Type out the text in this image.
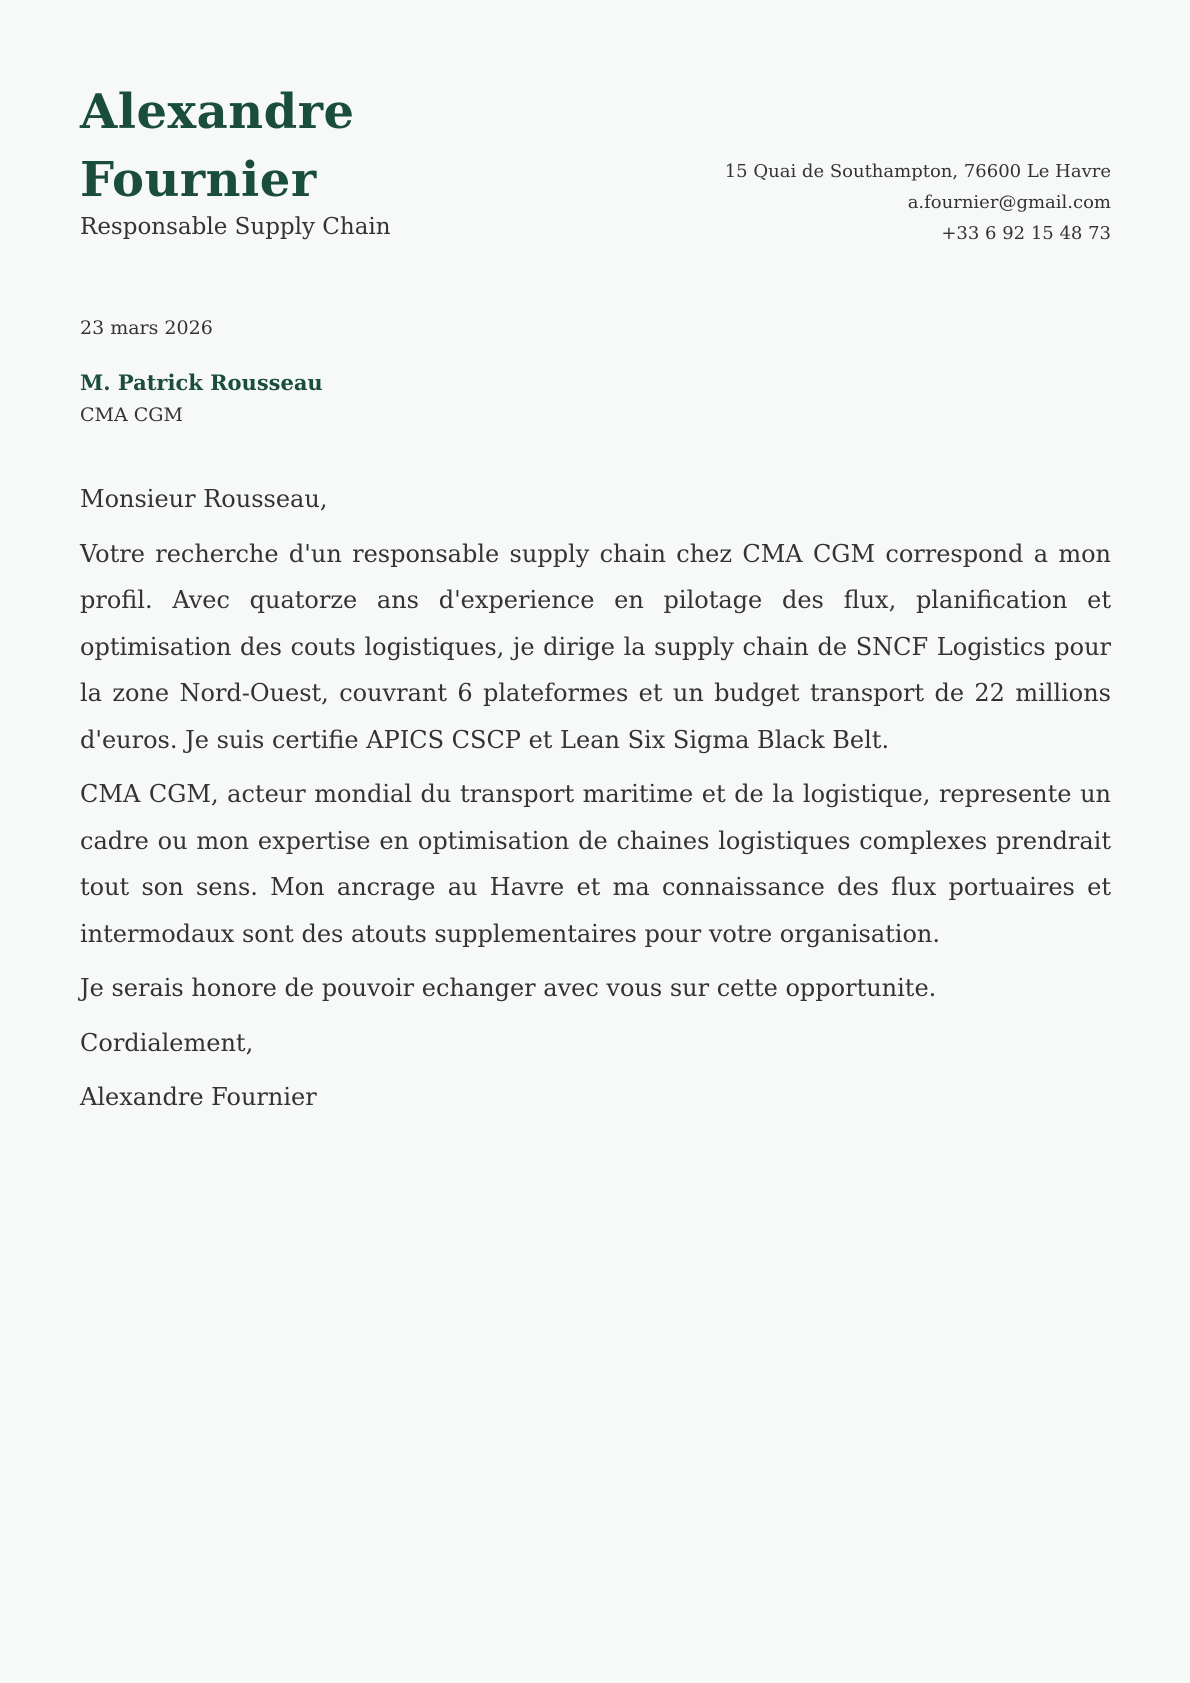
Alexandre
Fournier
Responsable Supply Chain
15 Quai de Southampton, 76600 Le Havre
a.fournier@gmail.com
+33 6 92 15 48 73
23 mars 2026
M. Patrick Rousseau
CMA CGM

Monsieur Rousseau,

Votre recherche d'un responsable supply chain chez CMA CGM correspond a mon profil. Avec quatorze ans d'experience en pilotage des flux, planification et optimisation des couts logistiques, je dirige la supply chain de SNCF Logistics pour la zone Nord-Ouest, couvrant 6 plateformes et un budget transport de 22 millions d'euros. Je suis certifie APICS CSCP et Lean Six Sigma Black Belt.

CMA CGM, acteur mondial du transport maritime et de la logistique, represente un cadre ou mon expertise en optimisation de chaines logistiques complexes prendrait tout son sens. Mon ancrage au Havre et ma connaissance des flux portuaires et intermodaux sont des atouts supplementaires pour votre organisation.

Je serais honore de pouvoir echanger avec vous sur cette opportunite.

Cordialement,

Alexandre Fournier
